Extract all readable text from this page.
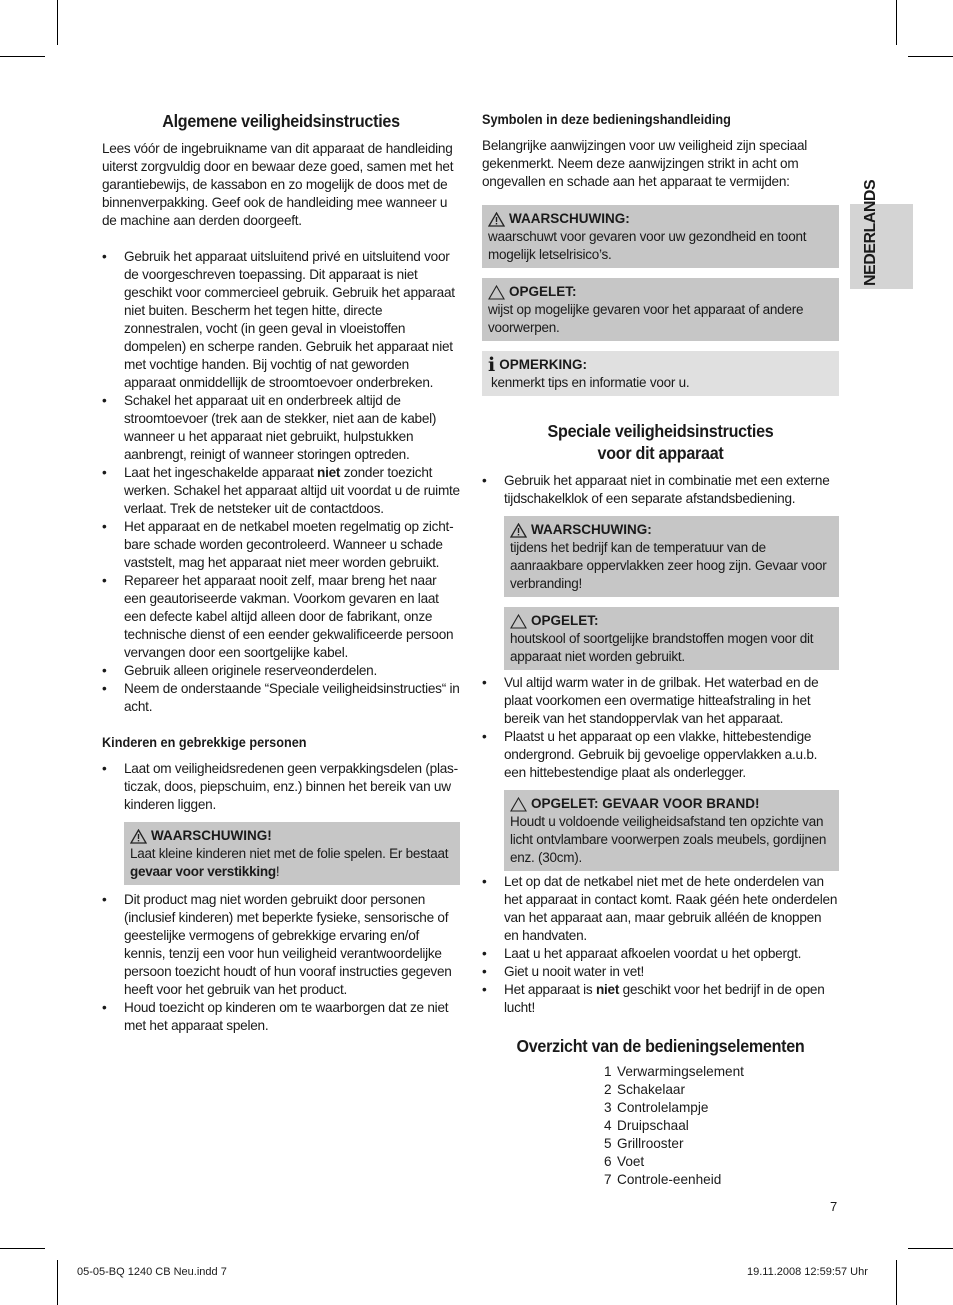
Algemene veiligheidsinstructies

Lees vóór de ingebruikname van dit apparaat de handleiding uiterst zorgvuldig door en bewaar deze goed, samen met het garantiebewijs, de kassabon en zo mogelijk de doos met de binnenverpakking. Geef ook de handleiding mee wanneer u de machine aan derden doorgeeft.

• Gebruik het apparaat uitsluitend privé en uitsluitend voor de voorgeschreven toepassing. Dit apparaat is niet geschikt voor commercieel gebruik. Gebruik het apparaat niet buiten. Bescherm het tegen hitte, directe zonnestralen, vocht (in geen geval in vloeistoffen dompelen) en scherpe randen. Gebruik het apparaat niet met vochtige handen. Bij vochtig of nat geworden apparaat onmiddellijk de stroomtoevoer onderbreken.
• Schakel het apparaat uit en onderbreek altijd de stroomtoevoer (trek aan de stekker, niet aan de kabel) wanneer u het apparaat niet gebruikt, hulpstukken aanbrengt, reinigt of wanneer storingen optreden.
• Laat het ingeschakelde apparaat niet zonder toezicht werken. Schakel het apparaat altijd uit voordat u de ruimte verlaat. Trek de netsteker uit de contactdoos.
• Het apparaat en de netkabel moeten regelmatig op zichtbare schade worden gecontroleerd. Wanneer u schade vaststelt, mag het apparaat niet meer worden gebruikt.
• Repareer het apparaat nooit zelf, maar breng het naar een geautoriseerde vakman. Voorkom gevaren en laat een defecte kabel altijd alleen door de fabrikant, onze technische dienst of een eender gekwalificeerde persoon vervangen door een soortgelijke kabel.
• Gebruik alleen originele reserveonderdelen.
• Neem de onderstaande “Speciale veiligheidsinstructies“ in acht.
Kinderen en gebrekkige personen
• Laat om veiligheidsredenen geen verpakkingsdelen (plasticzak, doos, piepschuim, enz.) binnen het bereik van uw kinderen liggen.
WAARSCHUWING!

Laat kleine kinderen niet met de folie spelen. Er bestaat gevaar voor verstikking!

• Dit product mag niet worden gebruikt door personen (inclusief kinderen) met beperkte fysieke, sensorische of geestelijke vermogens of gebrekkige ervaring en/of kennis, tenzij een voor hun veiligheid verantwoordelijke persoon toezicht houdt of hun vooraf instructies gegeven heeft voor het gebruik van het product.
• Houd toezicht op kinderen om te waarborgen dat ze niet met het apparaat spelen.
Symbolen in deze bedieningshandleiding

Belangrijke aanwijzingen voor uw veiligheid zijn speciaal gekenmerkt. Neem deze aanwijzingen strikt in acht om ongevallen en schade aan het apparaat te vermijden:

WAARSCHUWING:

waarschuwt voor gevaren voor uw gezondheid en toont mogelijk letselrisico’s.

OPGELET:

wijst op mogelijke gevaren voor het apparaat of andere voorwerpen.

i OPMERKING:

kenmerkt tips en informatie voor u.

Speciale veiligheidsinstructies
voor dit apparaat
• Gebruik het apparaat niet in combinatie met een externe tijdschakelklok of een separate afstandsbediening.
WAARSCHUWING:

tijdens het bedrijf kan de temperatuur van de aanraakbare oppervlakken zeer hoog zijn. Gevaar voor verbranding!

OPGELET:

houtskool of soortgelijke brandstoffen mogen voor dit apparaat niet worden gebruikt.

• Vul altijd warm water in de grilbak. Het waterbad en de plaat voorkomen een overmatige hitteafstraling in het bereik van het standoppervlak van het apparaat.
• Plaatst u het apparaat op een vlakke, hittebestendige ondergrond. Gebruik bij gevoelige oppervlakken a.u.b. een hittebestendige plaat als onderlegger.
OPGELET: GEVAAR VOOR BRAND!

Houdt u voldoende veiligheidsafstand ten opzichte van licht ontvlambare voorwerpen zoals meubels, gordijnen enz. (30cm).

• Let op dat de netkabel niet met de hete onderdelen van het apparaat in contact komt. Raak géén hete onderdelen van het apparaat aan, maar gebruik alléén de knoppen en handvaten.
• Laat u het apparaat afkoelen voordat u het opbergt.
• Giet u nooit water in vet!
• Het apparaat is niet geschikt voor het bedrijf in de open lucht!
Overzicht van de bedieningselementen
1 Verwarmingselement
2 Schakelaar
3 Controlelampje
4 Druipschaal
5 Grillrooster
6 Voet
7 Controle-eenheid
NEDERLANDS
7
05-05-BQ 1240 CB Neu.indd 7	19.11.2008 12:59:57 Uhr
